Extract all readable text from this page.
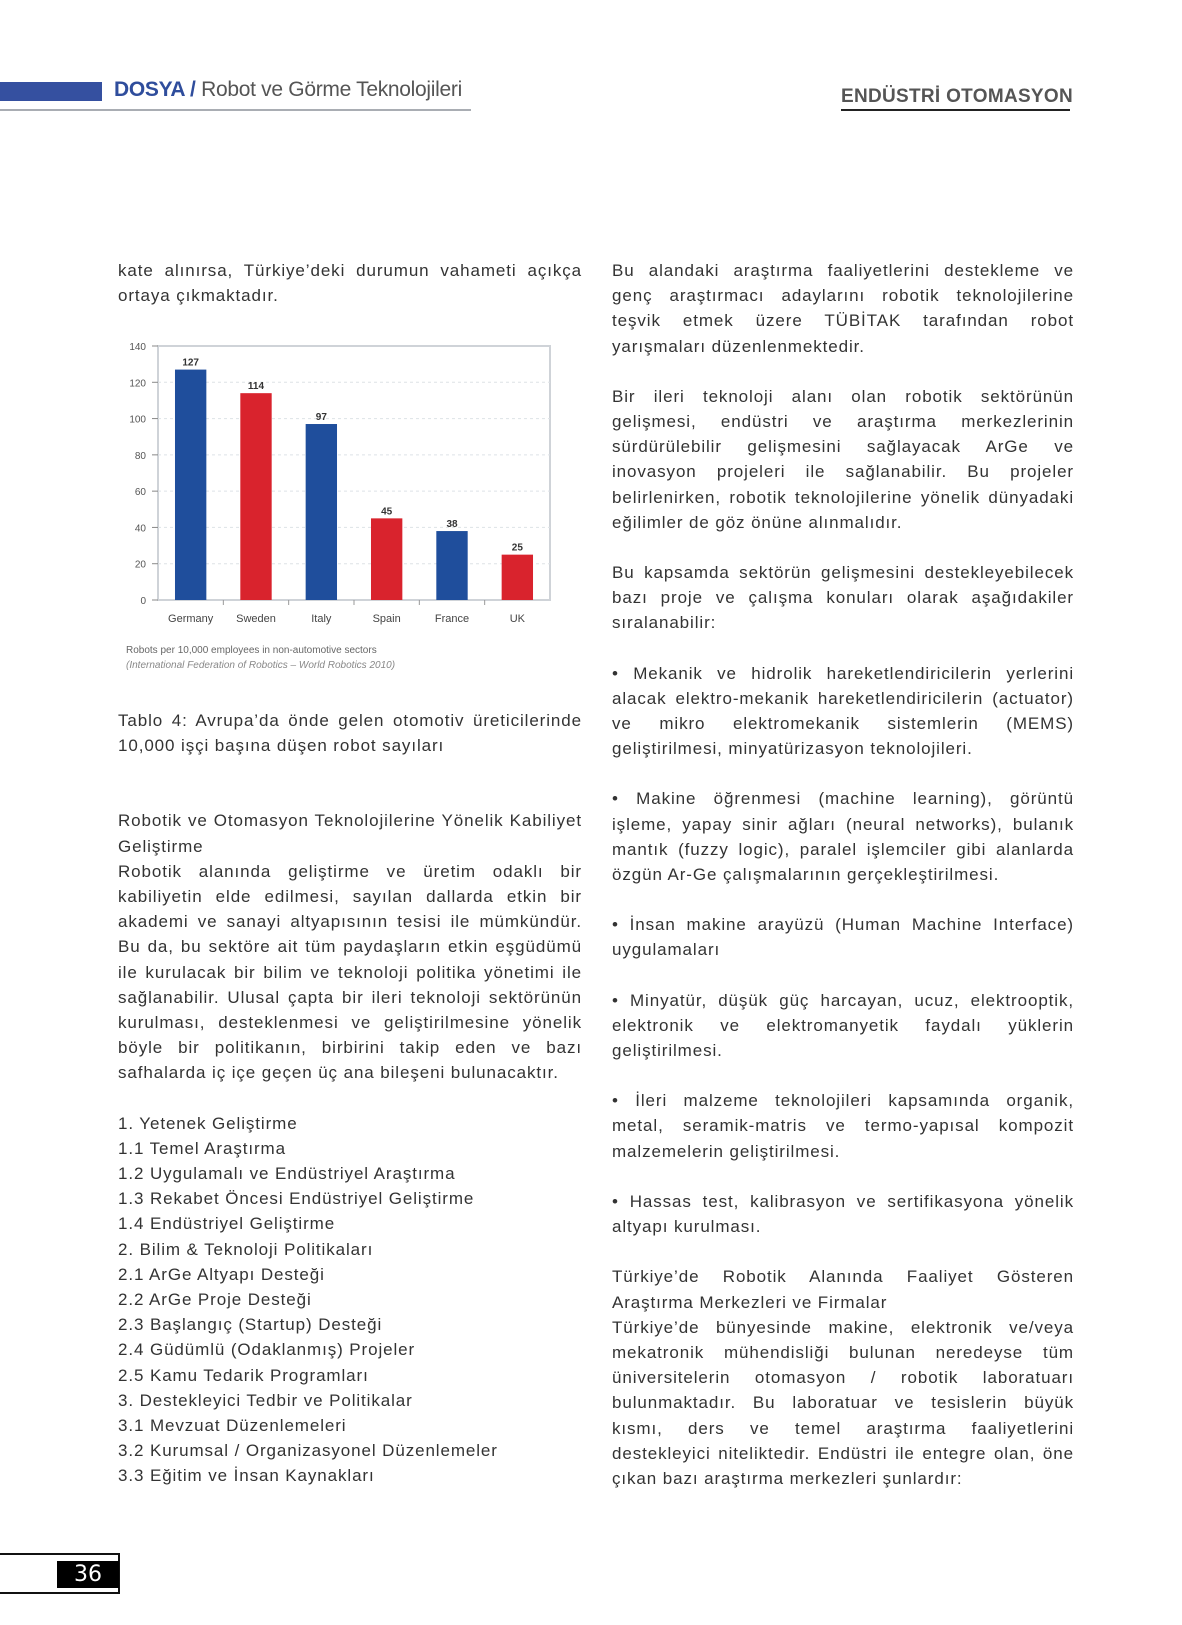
DOSYA / Robot ve Görme Teknolojileri	ENDÜSTRİ OTOMASYON

kate alınırsa, Türkiye’deki durumun vahameti açıkça ortaya çıkmaktadır.

0
20
40
60
80
100
120
140
127
Germany
114
Sweden
97
Italy
45
Spain
38
France
25
UK
Robots per 10,000 employees in non-automotive sectors
(International Federation of Robotics – World Robotics 2010)

Tablo 4: Avrupa’da önde gelen otomotiv üreticilerinde 10,000 işçi başına düşen robot sayıları

Robotik ve Otomasyon Teknolojilerine Yönelik Kabiliyet Geliştirme

Robotik alanında geliştirme ve üretim odaklı bir kabiliyetin elde edilmesi, sayılan dallarda etkin bir akademi ve sanayi altyapısının tesisi ile mümkündür. Bu da, bu sektöre ait tüm paydaşların etkin eşgüdümü ile kurulacak bir bilim ve teknoloji politika yönetimi ile sağlanabilir. Ulusal çapta bir ileri teknoloji sektörünün kurulması, desteklenmesi ve geliştirilmesine yönelik böyle bir politikanın, birbirini takip eden ve bazı safhalarda iç içe geçen üç ana bileşeni bulunacaktır.

1. Yetenek Geliştirme
1.1 Temel Araştırma
1.2 Uygulamalı ve Endüstriyel Araştırma
1.3 Rekabet Öncesi Endüstriyel Geliştirme
1.4 Endüstriyel Geliştirme
2. Bilim & Teknoloji Politikaları
2.1 ArGe Altyapı Desteği
2.2 ArGe Proje Desteği
2.3 Başlangıç (Startup) Desteği
2.4 Güdümlü (Odaklanmış) Projeler
2.5 Kamu Tedarik Programları
3. Destekleyici Tedbir ve Politikalar
3.1 Mevzuat Düzenlemeleri
3.2 Kurumsal / Organizasyonel Düzenlemeler
3.3 Eğitim ve İnsan Kaynakları

Bu alandaki araştırma faaliyetlerini destekleme ve genç araştırmacı adaylarını robotik teknolojilerine teşvik etmek üzere TÜBİTAK tarafından robot yarışmaları düzenlenmektedir.

Bir ileri teknoloji alanı olan robotik sektörünün gelişmesi, endüstri ve araştırma merkezlerinin sürdürülebilir gelişmesini sağlayacak ArGe ve inovasyon projeleri ile sağlanabilir. Bu projeler belirlenirken, robotik teknolojilerine yönelik dünyadaki eğilimler de göz önüne alınmalıdır.

Bu kapsamda sektörün gelişmesini destekleyebilecek bazı proje ve çalışma konuları olarak aşağıdakiler sıralanabilir:

• Mekanik ve hidrolik hareketlendiricilerin yerlerini alacak elektro-mekanik hareketlendiricilerin (actuator) ve mikro elektromekanik sistemlerin (MEMS) geliştirilmesi, minyatürizasyon teknolojileri.

• Makine öğrenmesi (machine learning), görüntü işleme, yapay sinir ağları (neural networks), bulanık mantık (fuzzy logic), paralel işlemciler gibi alanlarda özgün Ar-Ge çalışmalarının gerçekleştirilmesi.

• İnsan makine arayüzü (Human Machine Interface) uygulamaları

• Minyatür, düşük güç harcayan, ucuz, elektrooptik, elektronik ve elektromanyetik faydalı yüklerin geliştirilmesi.

• İleri malzeme teknolojileri kapsamında organik, metal, seramik-matris ve termo-yapısal kompozit malzemelerin geliştirilmesi.

• Hassas test, kalibrasyon ve sertifikasyona yönelik altyapı kurulması.

Türkiye’de Robotik Alanında Faaliyet Gösteren Araştırma Merkezleri ve Firmalar

Türkiye’de bünyesinde makine, elektronik ve/veya mekatronik mühendisliği bulunan neredeyse tüm üniversitelerin otomasyon / robotik laboratuarı bulunmaktadır. Bu laboratuar ve tesislerin büyük kısmı, ders ve temel araştırma faaliyetlerini destekleyici niteliktedir. Endüstri ile entegre olan, öne çıkan bazı araştırma merkezleri şunlardır:

36
